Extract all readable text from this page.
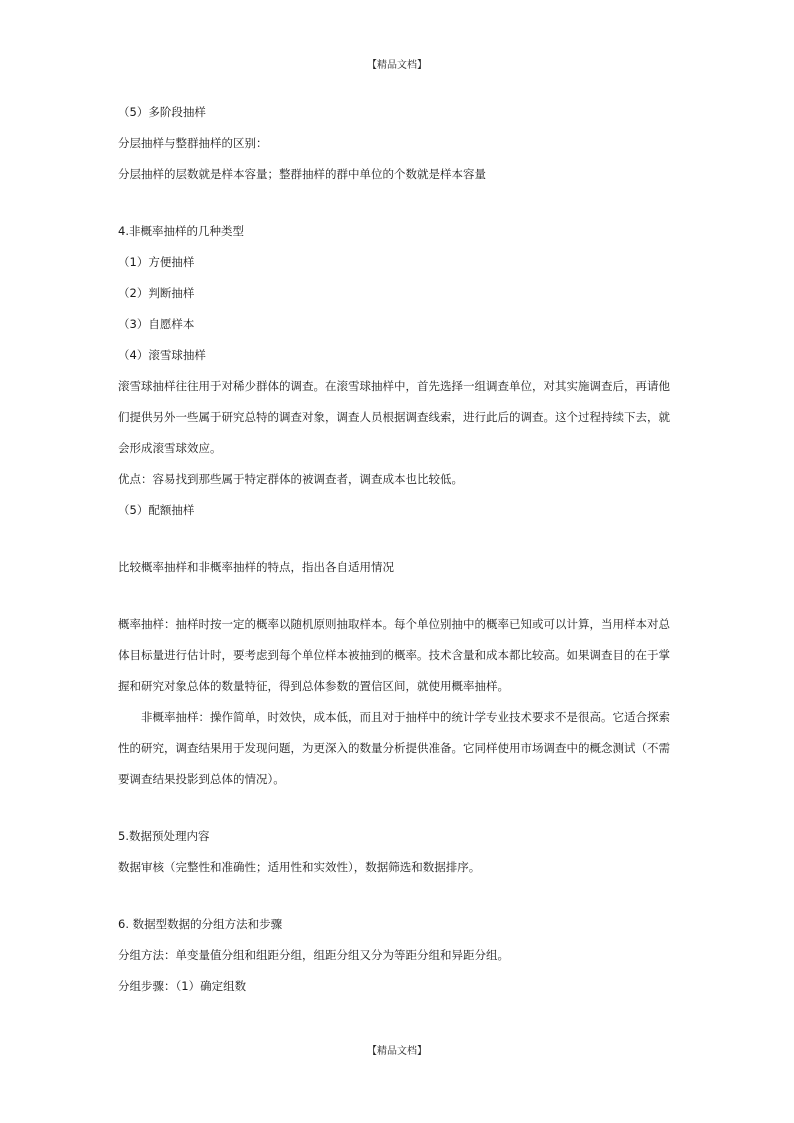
【精品文档】
（5）多阶段抽样
分层抽样与整群抽样的区别：
分层抽样的层数就是样本容量；整群抽样的群中单位的个数就是样本容量
4.非概率抽样的几种类型
（1）方便抽样
（2）判断抽样
（3）自愿样本
（4）滚雪球抽样

滚雪球抽样往往用于对稀少群体的调查。在滚雪球抽样中，首先选择一组调查单位，对其实施调查后，再请他们提供另外一些属于研究总特的调查对象，调查人员根据调查线索，进行此后的调查。这个过程持续下去，就会形成滚雪球效应。

优点：容易找到那些属于特定群体的被调查者，调查成本也比较低。
（5）配额抽样
比较概率抽样和非概率抽样的特点，指出各自适用情况

概率抽样：抽样时按一定的概率以随机原则抽取样本。每个单位别抽中的概率已知或可以计算，当用样本对总体目标量进行估计时，要考虑到每个单位样本被抽到的概率。技术含量和成本都比较高。如果调查目的在于掌握和研究对象总体的数量特征，得到总体参数的置信区间，就使用概率抽样。

非概率抽样：操作简单，时效快，成本低，而且对于抽样中的统计学专业技术要求不是很高。它适合探索性的研究，调查结果用于发现问题，为更深入的数量分析提供准备。它同样使用市场调查中的概念测试（不需要调查结果投影到总体的情况）。

5.数据预处理内容
数据审核（完整性和准确性；适用性和实效性），数据筛选和数据排序。
6. 数据型数据的分组方法和步骤
分组方法：单变量值分组和组距分组，组距分组又分为等距分组和异距分组。
分组步骤：（1）确定组数
【精品文档】
